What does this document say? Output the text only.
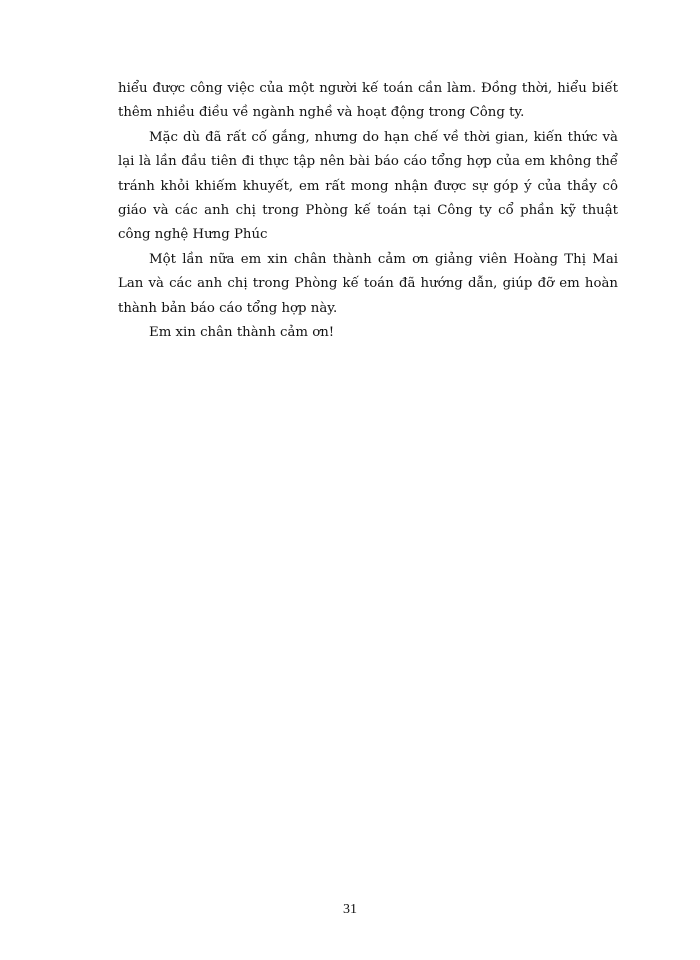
hiểu được công việc của một người kế toán cần làm. Đồng thời, hiểu biết thêm nhiều điều về ngành nghề và hoạt động trong Công ty.

Mặc dù đã rất cố gắng, nhưng do hạn chế về thời gian, kiến thức và lại là lần đầu tiên đi thực tập nên bài báo cáo tổng hợp của em không thể tránh khỏi khiếm khuyết, em rất mong nhận được sự góp ý của thầy cô giáo và các anh chị trong Phòng kế toán tại Công ty cổ phần kỹ thuật công nghệ Hưng Phúc

Một lần nữa em xin chân thành cảm ơn giảng viên Hoàng Thị Mai Lan và các anh chị trong Phòng kế toán đã hướng dẫn, giúp đỡ em hoàn thành bản báo cáo tổng hợp này.

Em xin chân thành cảm ơn!

31
